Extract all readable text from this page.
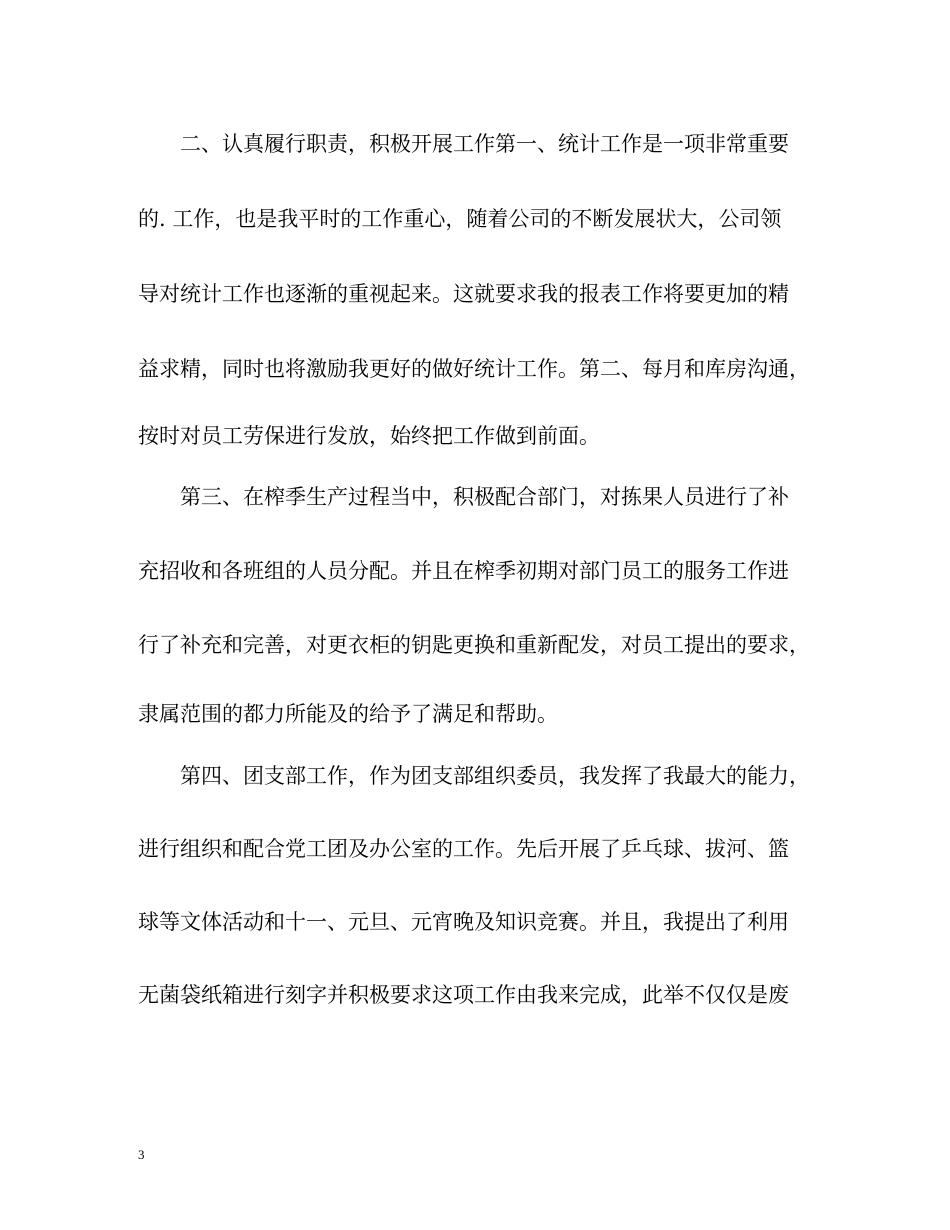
二、认真履行职责，积极开展工作第一、统计工作是一项非常重要
的. 工作，也是我平时的工作重心，随着公司的不断发展状大，公司领
导对统计工作也逐渐的重视起来。这就要求我的报表工作将要更加的精
益求精，同时也将激励我更好的做好统计工作。第二、每月和库房沟通，
按时对员工劳保进行发放，始终把工作做到前面。
第三、在榨季生产过程当中，积极配合部门，对拣果人员进行了补
充招收和各班组的人员分配。并且在榨季初期对部门员工的服务工作进
行了补充和完善，对更衣柜的钥匙更换和重新配发，对员工提出的要求，
隶属范围的都力所能及的给予了满足和帮助。
第四、团支部工作，作为团支部组织委员，我发挥了我最大的能力，
进行组织和配合党工团及办公室的工作。先后开展了乒乓球、拔河、篮
球等文体活动和十一、元旦、元宵晚及知识竞赛。并且，我提出了利用
无菌袋纸箱进行刻字并积极要求这项工作由我来完成，此举不仅仅是废
3
